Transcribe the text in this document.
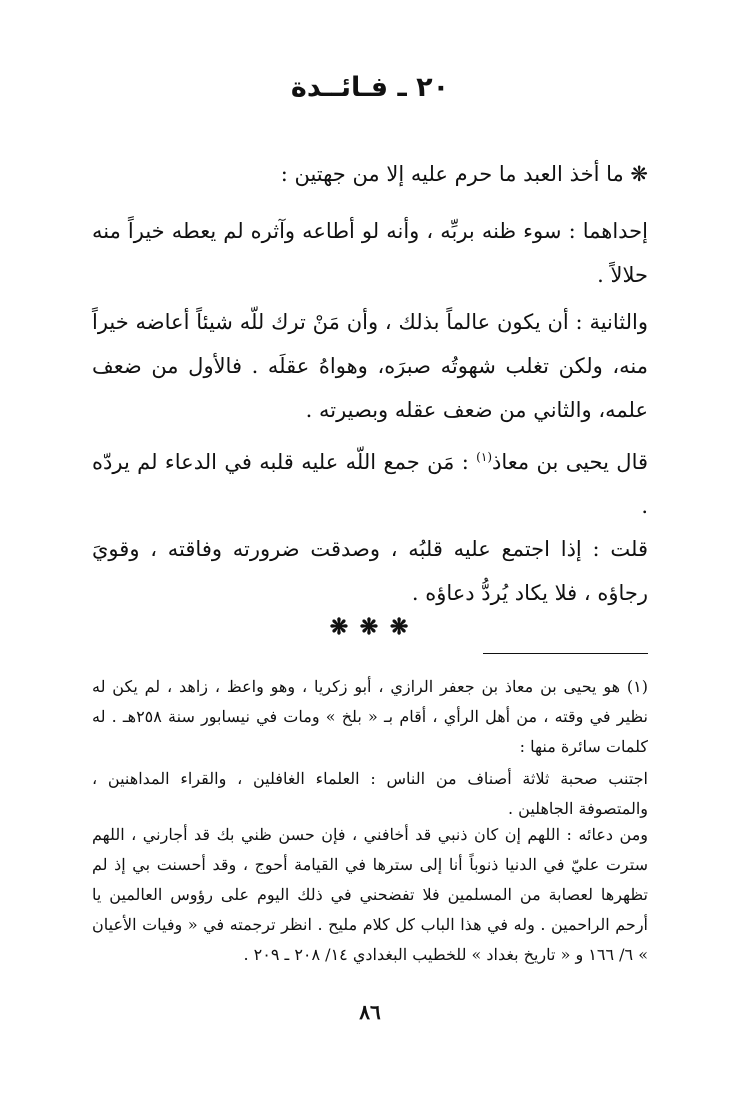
٢٠ ـ فـائــدة
❋ ما أخذ العبد ما حرم عليه إلا من جهتين :
إحداهما : سوء ظنه بربِّه ، وأنه لو أطاعه وآثره لم يعطه خيراً منه حلالاً .
والثانية : أن يكون عالماً بذلك ، وأن مَنْ ترك للّه شيئاً أعاضه خيراً منه، ولكن تغلب شهوتُه صبرَه، وهواهُ عقلَه . فالأول من ضعف علمه، والثاني من ضعف عقله وبصيرته .
قال يحيى بن معاذ$^{(١)}$ : مَن جمع اللّه عليه قلبه في الدعاء لم يردّه .
قلت : إذا اجتمع عليه قلبُه ، وصدقت ضرورته وفاقته ، وقويَ رجاؤه ، فلا يكاد يُردُّ دعاؤه .
❋ ❋ ❋
(١) هو يحيى بن معاذ بن جعفر الرازي ، أبو زكريا ، وهو واعظ ، زاهد ، لم يكن له نظير في وقته ، من أهل الرأي ، أقام بـ « بلخ » ومات في نيسابور سنة ٢٥٨هـ . له كلمات سائرة منها :
اجتنب صحبة ثلاثة أصناف من الناس : العلماء الغافلين ، والقراء المداهنين ، والمتصوفة الجاهلين .
ومن دعائه : اللهم إن كان ذنبي قد أخافني ، فإن حسن ظني بك قد أجارني ، اللهم سترت عليّ في الدنيا ذنوباً أنا إلى سترها في القيامة أحوج ، وقد أحسنت بي إذ لم تظهرها لعصابة من المسلمين فلا تفضحني في ذلك اليوم على رؤوس العالمين يا أرحم الراحمين . وله في هذا الباب كل كلام مليح . انظر ترجمته في « وفيات الأعيان » ٦/ ١٦٦ و « تاريخ بغداد » للخطيب البغدادي ١٤/ ٢٠٨ ـ ٢٠٩ .
٨٦
